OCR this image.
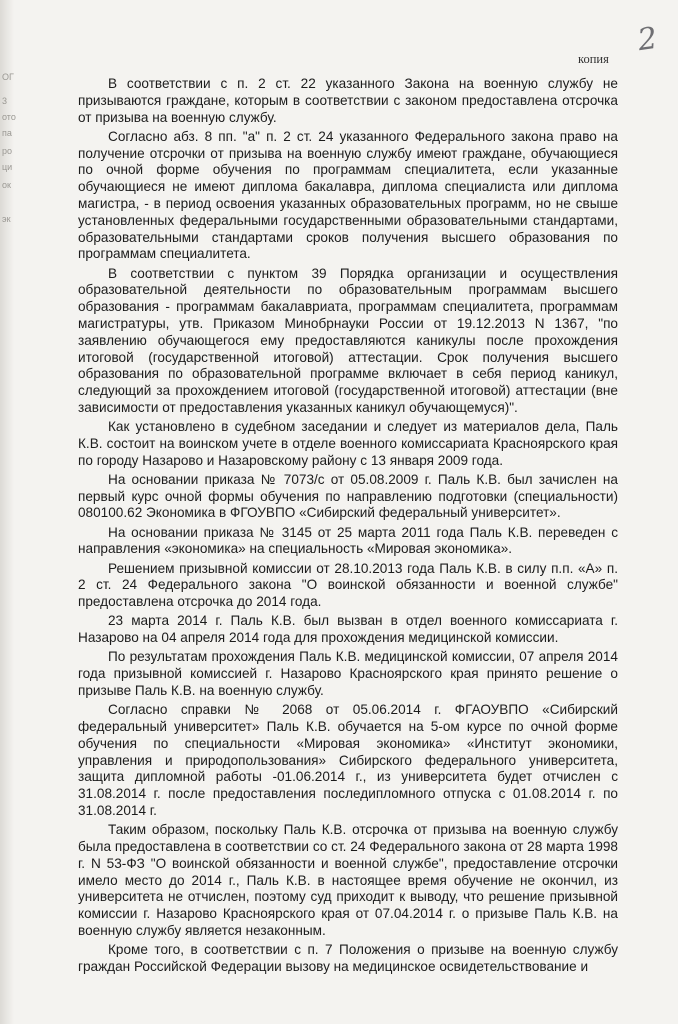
ОГ
3
ото
па
ро
ци
ок
эк
2
копия

В соответствии с п. 2 ст. 22 указанного Закона на военную службу не призываются граждане, которым в соответствии с законом предоставлена отсрочка от призыва на военную службу.

Согласно абз. 8 пп. "а" п. 2 ст. 24 указанного Федерального закона право на получение отсрочки от призыва на военную службу имеют граждане, обучающиеся по очной форме обучения по программам специалитета, если указанные обучающиеся не имеют диплома бакалавра, диплома специалиста или диплома магистра, - в период освоения указанных образовательных программ, но не свыше установленных федеральными государственными образовательными стандартами, образовательными стандартами сроков получения высшего образования по программам специалитета.

В соответствии с пунктом 39 Порядка организации и осуществления образовательной деятельности по образовательным программам высшего образования - программам бакалавриата, программам специалитета, программам магистратуры, утв. Приказом Минобрнауки России от 19.12.2013 N 1367, "по заявлению обучающегося ему предоставляются каникулы после прохождения итоговой (государственной итоговой) аттестации. Срок получения высшего образования по образовательной программе включает в себя период каникул, следующий за прохождением итоговой (государственной итоговой) аттестации (вне зависимости от предоставления указанных каникул обучающемуся)".

Как установлено в судебном заседании и следует из материалов дела, Паль К.В. состоит на воинском учете в отделе военного комиссариата Красноярского края по городу Назарово и Назаровскому району с 13 января 2009 года.

На основании приказа № 7073/с от 05.08.2009 г. Паль К.В. был зачислен на первый курс очной формы обучения по направлению подготовки (специальности) 080100.62 Экономика в ФГОУВПО «Сибирский федеральный университет».

На основании приказа № 3145 от 25 марта 2011 года Паль К.В. переведен с направления «экономика» на специальность «Мировая экономика».

Решением призывной комиссии от 28.10.2013 года Паль К.В. в силу п.п. «А» п. 2 ст. 24 Федерального закона "О воинской обязанности и военной службе" предоставлена отсрочка до 2014 года.

23 марта 2014 г. Паль К.В. был вызван в отдел военного комиссариата г. Назарово на 04 апреля 2014 года для прохождения медицинской комиссии.

По результатам прохождения Паль К.В. медицинской комиссии, 07 апреля 2014 года призывной комиссией г. Назарово Красноярского края принято решение о призыве Паль К.В. на военную службу.

Согласно справки № 2068 от 05.06.2014 г. ФГАОУВПО «Сибирский федеральный университет» Паль К.В. обучается на 5-ом курсе по очной форме обучения по специальности «Мировая экономика» «Институт экономики, управления и природопользования» Сибирского федерального университета, защита дипломной работы -01.06.2014 г., из университета будет отчислен с 31.08.2014 г. после предоставления последипломного отпуска с 01.08.2014 г. по 31.08.2014 г.

Таким образом, поскольку Паль К.В. отсрочка от призыва на военную службу была предоставлена в соответствии со ст. 24 Федерального закона от 28 марта 1998 г. N 53-ФЗ "О воинской обязанности и военной службе", предоставление отсрочки имело место до 2014 г., Паль К.В. в настоящее время обучение не окончил, из университета не отчислен, поэтому суд приходит к выводу, что решение призывной комиссии г. Назарово Красноярского края от 07.04.2014 г. о призыве Паль К.В. на военную службу является незаконным.

Кроме того, в соответствии с п. 7 Положения о призыве на военную службу граждан Российской Федерации вызову на медицинское освидетельствование и
